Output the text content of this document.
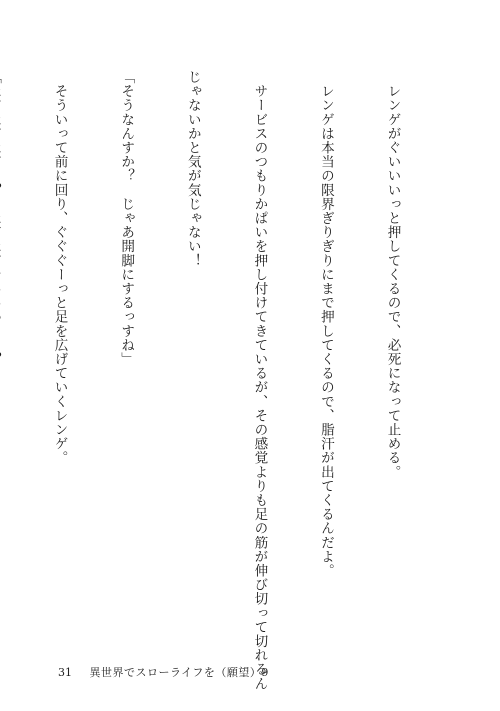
　レンゲがぐいいいっと押してくるので、必死になって止める。

　レンゲは本当の限界ぎりぎりにまで押してくるので、脂汗が出てくるんだよ。

　サービスのつもりかぱいを押し付けてきているが、その感覚よりも足の筋が伸び切って切れるん

じゃないかと気が気じゃない！

「そうなんすか？　じゃあ開脚にするっすね」

　そういって前に回り、ぐぐぐーっと足を広げていくレンゲ。

31 異世界でスローライフを（願望）9
